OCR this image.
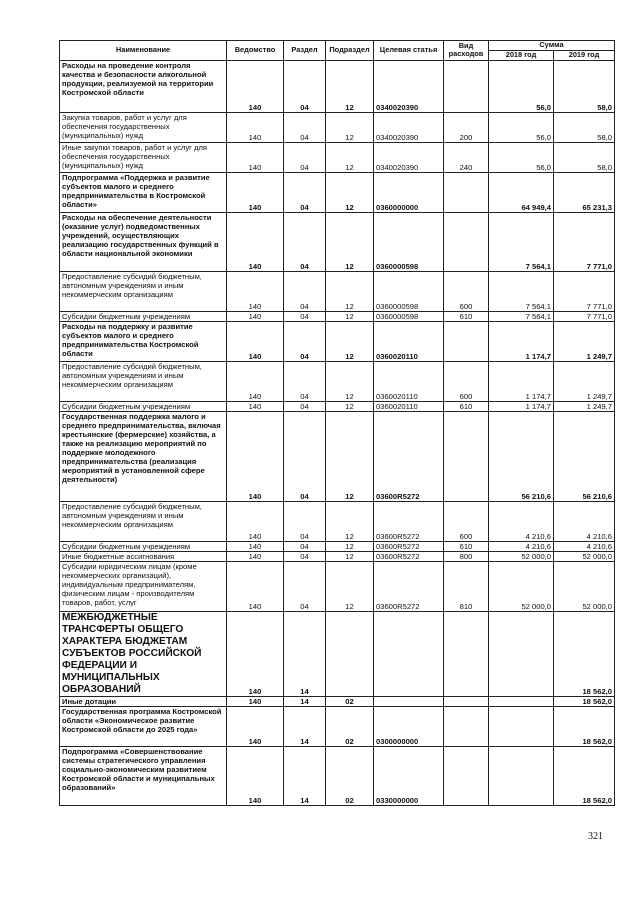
Наименование	Ведомство	Раздел	Подраздел	Целевая статья	Вид расходов	Сумма	
						2018 год	2019 год
Расходы на проведение контроля качества и безопасности алкогольной продукции, реализуемой на территории Костромской области	140	04	12	0340020390		56,0	58,0
Закупка товаров, работ и услуг для обеспечения государственных (муниципальных) нужд	140	04	12	0340020390	200	56,0	58,0
Иные закупки товаров, работ и услуг для обеспечения государственных (муниципальных) нужд	140	04	12	0340020390	240	56,0	58,0
Подпрограмма «Поддержка и развитие субъектов малого и среднего предпринимательства в Костромской области»	140	04	12	0360000000		64 949,4	65 231,3
Расходы на обеспечение деятельности (оказание услуг) подведомственных учреждений, осуществляющих реализацию государственных функций в области национальной экономики	140	04	12	0360000598		7 564,1	7 771,0
Предоставление субсидий бюджетным, автономным учреждениям и иным некоммерческим организациям	140	04	12	0360000598	600	7 564,1	7 771,0
Субсидии бюджетным учреждениям	140	04	12	0360000598	610	7 564,1	7 771,0
Расходы на поддержку и развитие субъектов малого и среднего предпринимательства Костромской области	140	04	12	0360020110		1 174,7	1 249,7
Предоставление субсидий бюджетным, автономным учреждениям и иным некоммерческим организациям	140	04	12	0360020110	600	1 174,7	1 249,7
Субсидии бюджетным учреждениям	140	04	12	0360020110	610	1 174,7	1 249,7
Государственная поддержка малого и среднего предпринимательства, включая крестьянские (фермерские) хозяйства, а также на реализацию мероприятий по поддержке молодежного предпринимательства (реализация мероприятий в установленной сфере деятельности)	140	04	12	03600R5272		56 210,6	56 210,6
Предоставление субсидий бюджетным, автономным учреждениям и иным некоммерческим организациям	140	04	12	03600R5272	600	4 210,6	4 210,6
Субсидии бюджетным учреждениям	140	04	12	03600R5272	610	4 210,6	4 210,6
Иные бюджетные ассигнования	140	04	12	03600R5272	800	52 000,0	52 000,0
Субсидии юридическим лицам (кроме некоммерческих организаций), индивидуальным предпринимателям, физическим лицам - производителям товаров, работ, услуг	140	04	12	03600R5272	810	52 000,0	52 000,0
МЕЖБЮДЖЕТНЫЕ ТРАНСФЕРТЫ ОБЩЕГО ХАРАКТЕРА БЮДЖЕТАМ СУБЪЕКТОВ РОССИЙСКОЙ ФЕДЕРАЦИИ И МУНИЦИПАЛЬНЫХ ОБРАЗОВАНИЙ	140	14					18 562,0
Иные дотации	140	14	02				18 562,0
Государственная программа Костромской области «Экономическое развитие Костромской области до 2025 года»	140	14	02	0300000000			18 562,0
Подпрограмма «Совершенствование системы стратегического управления социально-экономическим развитием Костромской области и муниципальных образований»	140	14	02	0330000000			18 562,0
321
